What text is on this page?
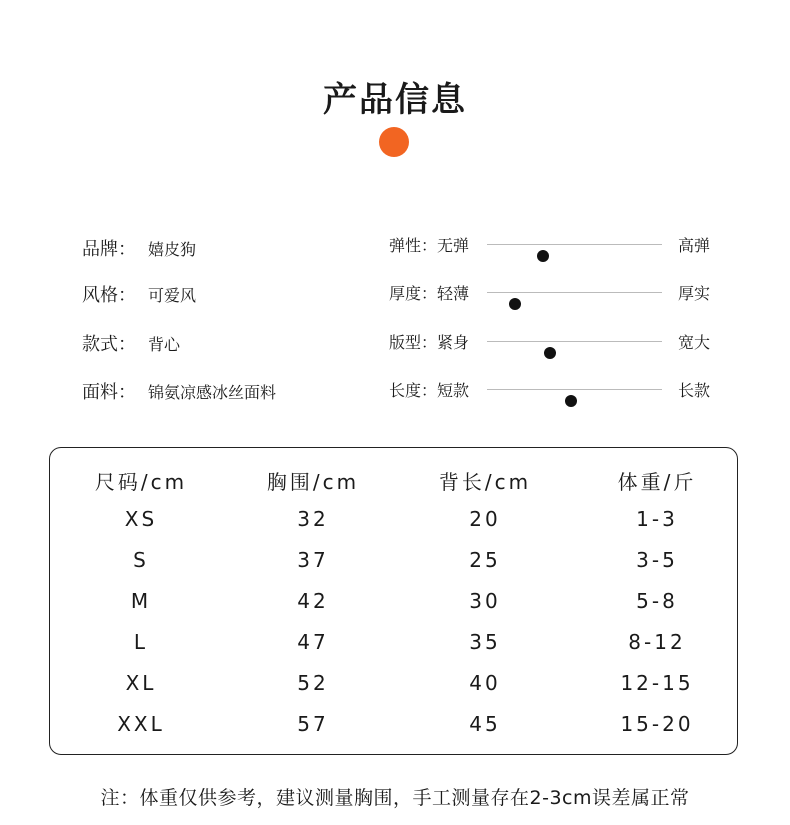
产品信息
品牌： 嬉皮狗
风格： 可爱风
款式： 背心
面料： 锦氨凉感冰丝面料
弹性：无弹	高弹
厚度：轻薄	厚实
版型：紧身	宽大
长度：短款	长款
尺码/cm	胸围/cm	背长/cm	体重/斤
XS	32	20	1-3
S	37	25	3-5
M	42	30	5-8
L	47	35	8-12
XL	52	40	12-15
XXL	57	45	15-20
注：体重仅供参考，建议测量胸围，手工测量存在2-3cm误差属正常
